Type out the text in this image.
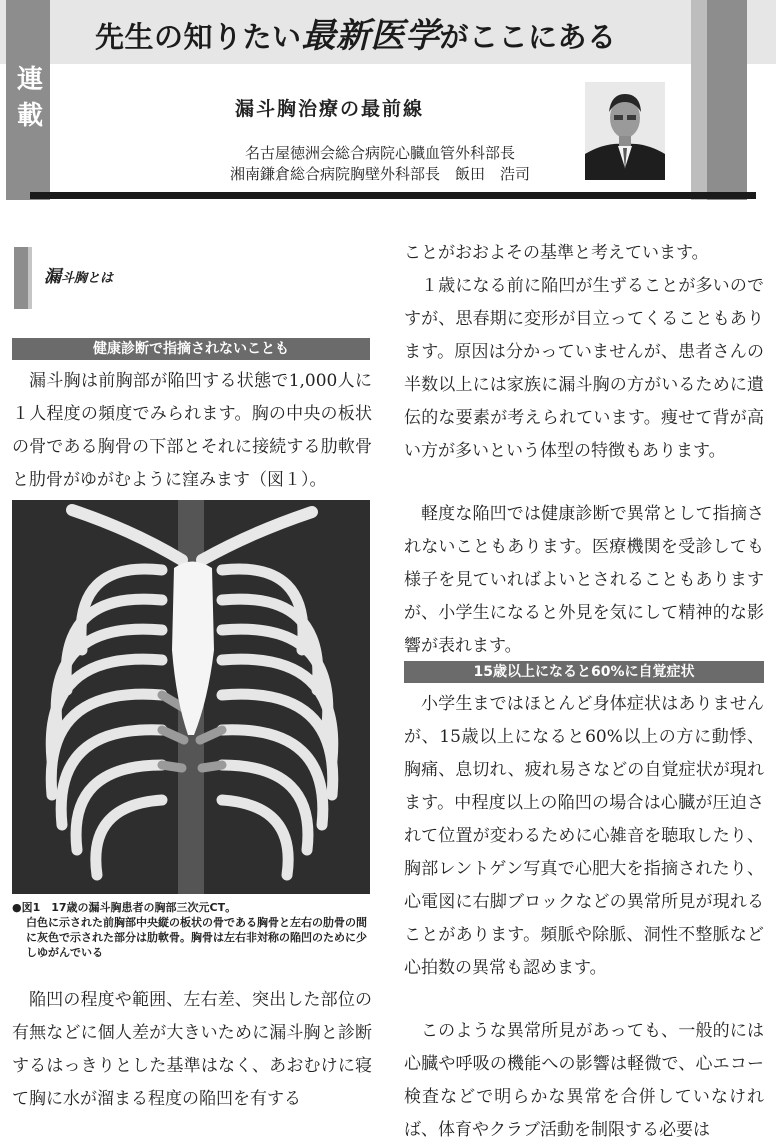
先生の知りたい最新医学がここにある
連載	漏斗胸治療の最前線
名古屋徳洲会総合病院心臓血管外科部長
湘南鎌倉総合病院胸壁外科部長　飯田　浩司
漏斗胸とは
健康診断で指摘されないことも

漏斗胸は前胸部が陥凹する状態で1,000人に１人程度の頻度でみられます。胸の中央の板状の骨である胸骨の下部とそれに接続する肋軟骨と肋骨がゆがむように窪みます（図１）。

●図1　17歳の漏斗胸患者の胸部三次元CT。
白色に示された前胸部中央縦の板状の骨である胸骨と左右の肋骨の間に灰色で示された部分は肋軟骨。胸骨は左右非対称の陥凹のために少しゆがんでいる

陥凹の程度や範囲、左右差、突出した部位の有無などに個人差が大きいために漏斗胸と診断するはっきりとした基準はなく、あおむけに寝て胸に水が溜まる程度の陥凹を有する

ことがおおよその基準と考えています。

１歳になる前に陥凹が生ずることが多いのですが、思春期に変形が目立ってくることもあります。原因は分かっていませんが、患者さんの半数以上には家族に漏斗胸の方がいるために遺伝的な要素が考えられています。痩せて背が高い方が多いという体型の特徴もあります。

軽度な陥凹では健康診断で異常として指摘されないこともあります。医療機関を受診しても様子を見ていればよいとされることもありますが、小学生になると外見を気にして精神的な影響が表れます。

15歳以上になると60%に自覚症状

小学生まではほとんど身体症状はありませんが、15歳以上になると60%以上の方に動悸、胸痛、息切れ、疲れ易さなどの自覚症状が現れます。中程度以上の陥凹の場合は心臓が圧迫されて位置が変わるために心雑音を聴取したり、胸部レントゲン写真で心肥大を指摘されたり、心電図に右脚ブロックなどの異常所見が現れることがあります。頻脈や除脈、洞性不整脈など心拍数の異常も認めます。

このような異常所見があっても、一般的には心臓や呼吸の機能への影響は軽微で、心エコー検査などで明らかな異常を合併していなければ、体育やクラブ活動を制限する必要は
